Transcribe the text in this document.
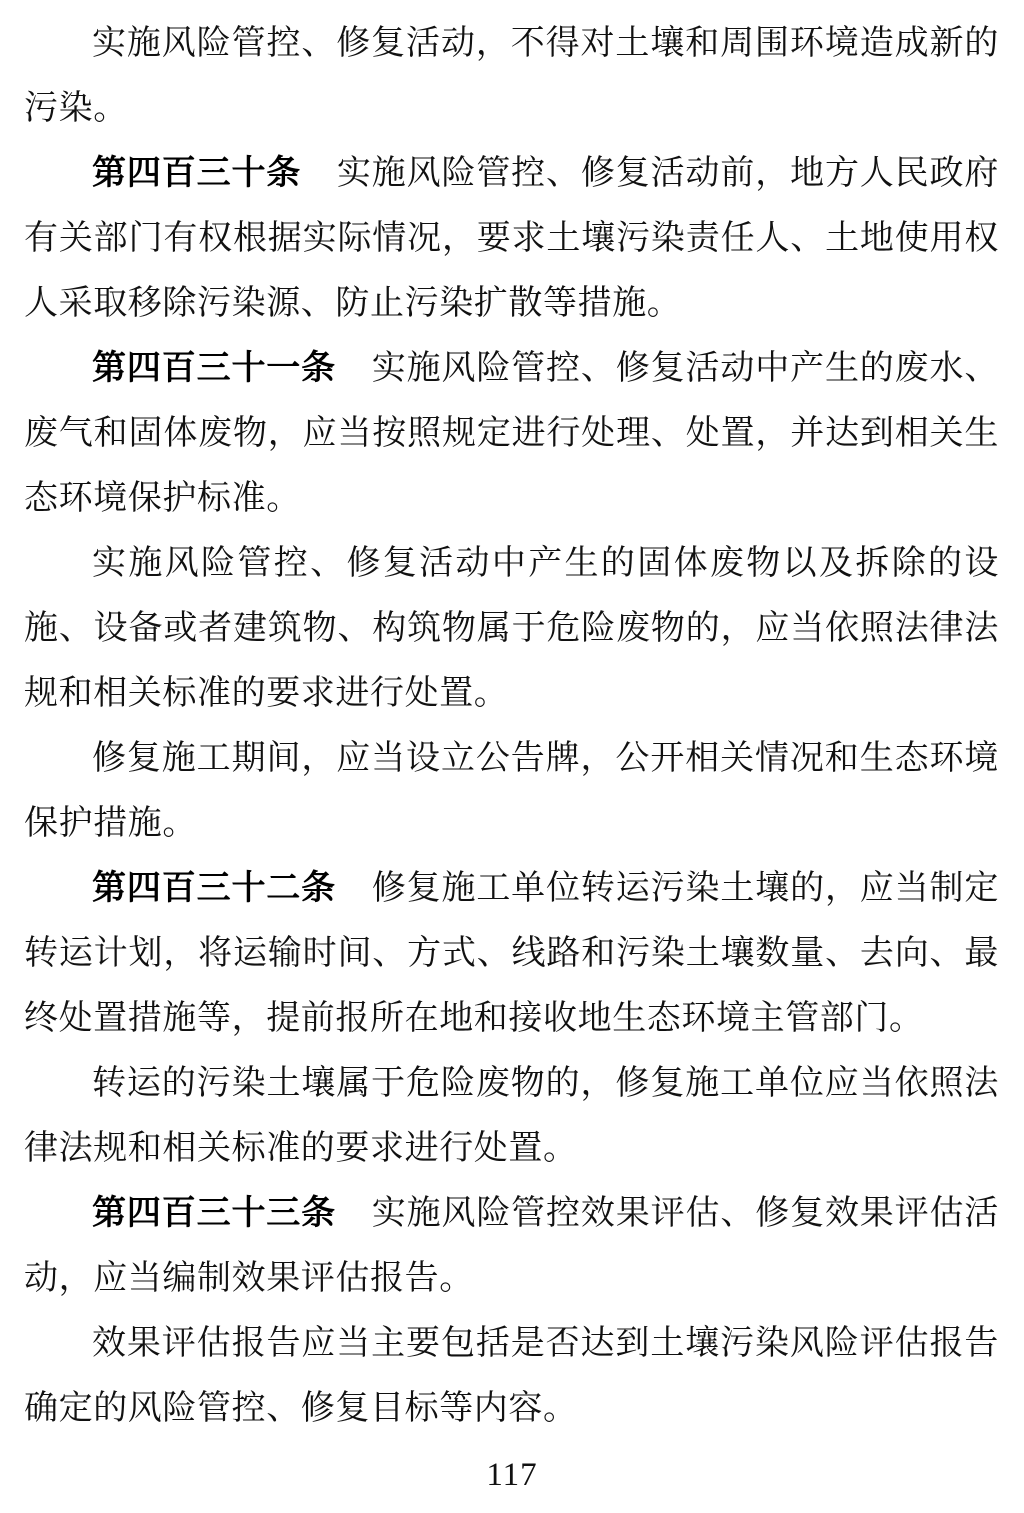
实施风险管控、修复活动，不得对土壤和周围环境造成新的污染。

第四百三十条 实施风险管控、修复活动前，地方人民政府有关部门有权根据实际情况，要求土壤污染责任人、土地使用权人采取移除污染源、防止污染扩散等措施。

第四百三十一条 实施风险管控、修复活动中产生的废水、废气和固体废物，应当按照规定进行处理、处置，并达到相关生态环境保护标准。

实施风险管控、修复活动中产生的固体废物以及拆除的设施、设备或者建筑物、构筑物属于危险废物的，应当依照法律法规和相关标准的要求进行处置。

修复施工期间，应当设立公告牌，公开相关情况和生态环境保护措施。

第四百三十二条 修复施工单位转运污染土壤的，应当制定转运计划，将运输时间、方式、线路和污染土壤数量、去向、最终处置措施等，提前报所在地和接收地生态环境主管部门。

转运的污染土壤属于危险废物的，修复施工单位应当依照法律法规和相关标准的要求进行处置。

第四百三十三条 实施风险管控效果评估、修复效果评估活动，应当编制效果评估报告。

效果评估报告应当主要包括是否达到土壤污染风险评估报告确定的风险管控、修复目标等内容。

117
